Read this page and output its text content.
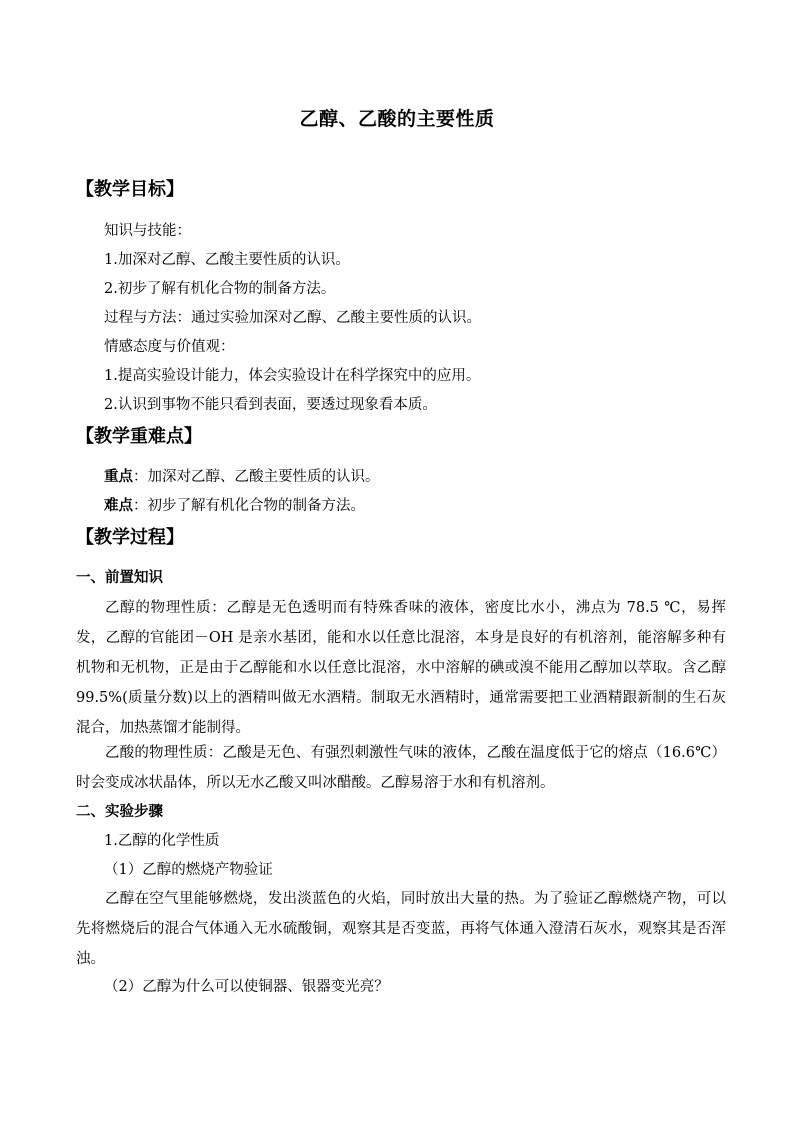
乙醇、乙酸的主要性质
【教学目标】
知识与技能：
1.加深对乙醇、乙酸主要性质的认识。
2.初步了解有机化合物的制备方法。
过程与方法：通过实验加深对乙醇、乙酸主要性质的认识。
情感态度与价值观：
1.提高实验设计能力，体会实验设计在科学探究中的应用。
2.认识到事物不能只看到表面，要透过现象看本质。
【教学重难点】
重点：加深对乙醇、乙酸主要性质的认识。
难点：初步了解有机化合物的制备方法。
【教学过程】
一、前置知识
乙醇的物理性质：乙醇是无色透明而有特殊香味的液体，密度比水小，沸点为 78.5 ℃，易挥发，乙醇的官能团－OH 是亲水基团，能和水以任意比混溶，本身是良好的有机溶剂，能溶解多种有机物和无机物，正是由于乙醇能和水以任意比混溶，水中溶解的碘或溴不能用乙醇加以萃取。含乙醇 99.5%(质量分数)以上的酒精叫做无水酒精。制取无水酒精时，通常需要把工业酒精跟新制的生石灰混合，加热蒸馏才能制得。
乙酸的物理性质：乙酸是无色、有强烈刺激性气味的液体，乙酸在温度低于它的熔点（16.6℃）时会变成冰状晶体，所以无水乙酸又叫冰醋酸。乙醇易溶于水和有机溶剂。
二、实验步骤
1.乙醇的化学性质
（1）乙醇的燃烧产物验证
乙醇在空气里能够燃烧，发出淡蓝色的火焰，同时放出大量的热。为了验证乙醇燃烧产物，可以先将燃烧后的混合气体通入无水硫酸铜，观察其是否变蓝，再将气体通入澄清石灰水，观察其是否浑浊。
（2）乙醇为什么可以使铜器、银器变光亮？
